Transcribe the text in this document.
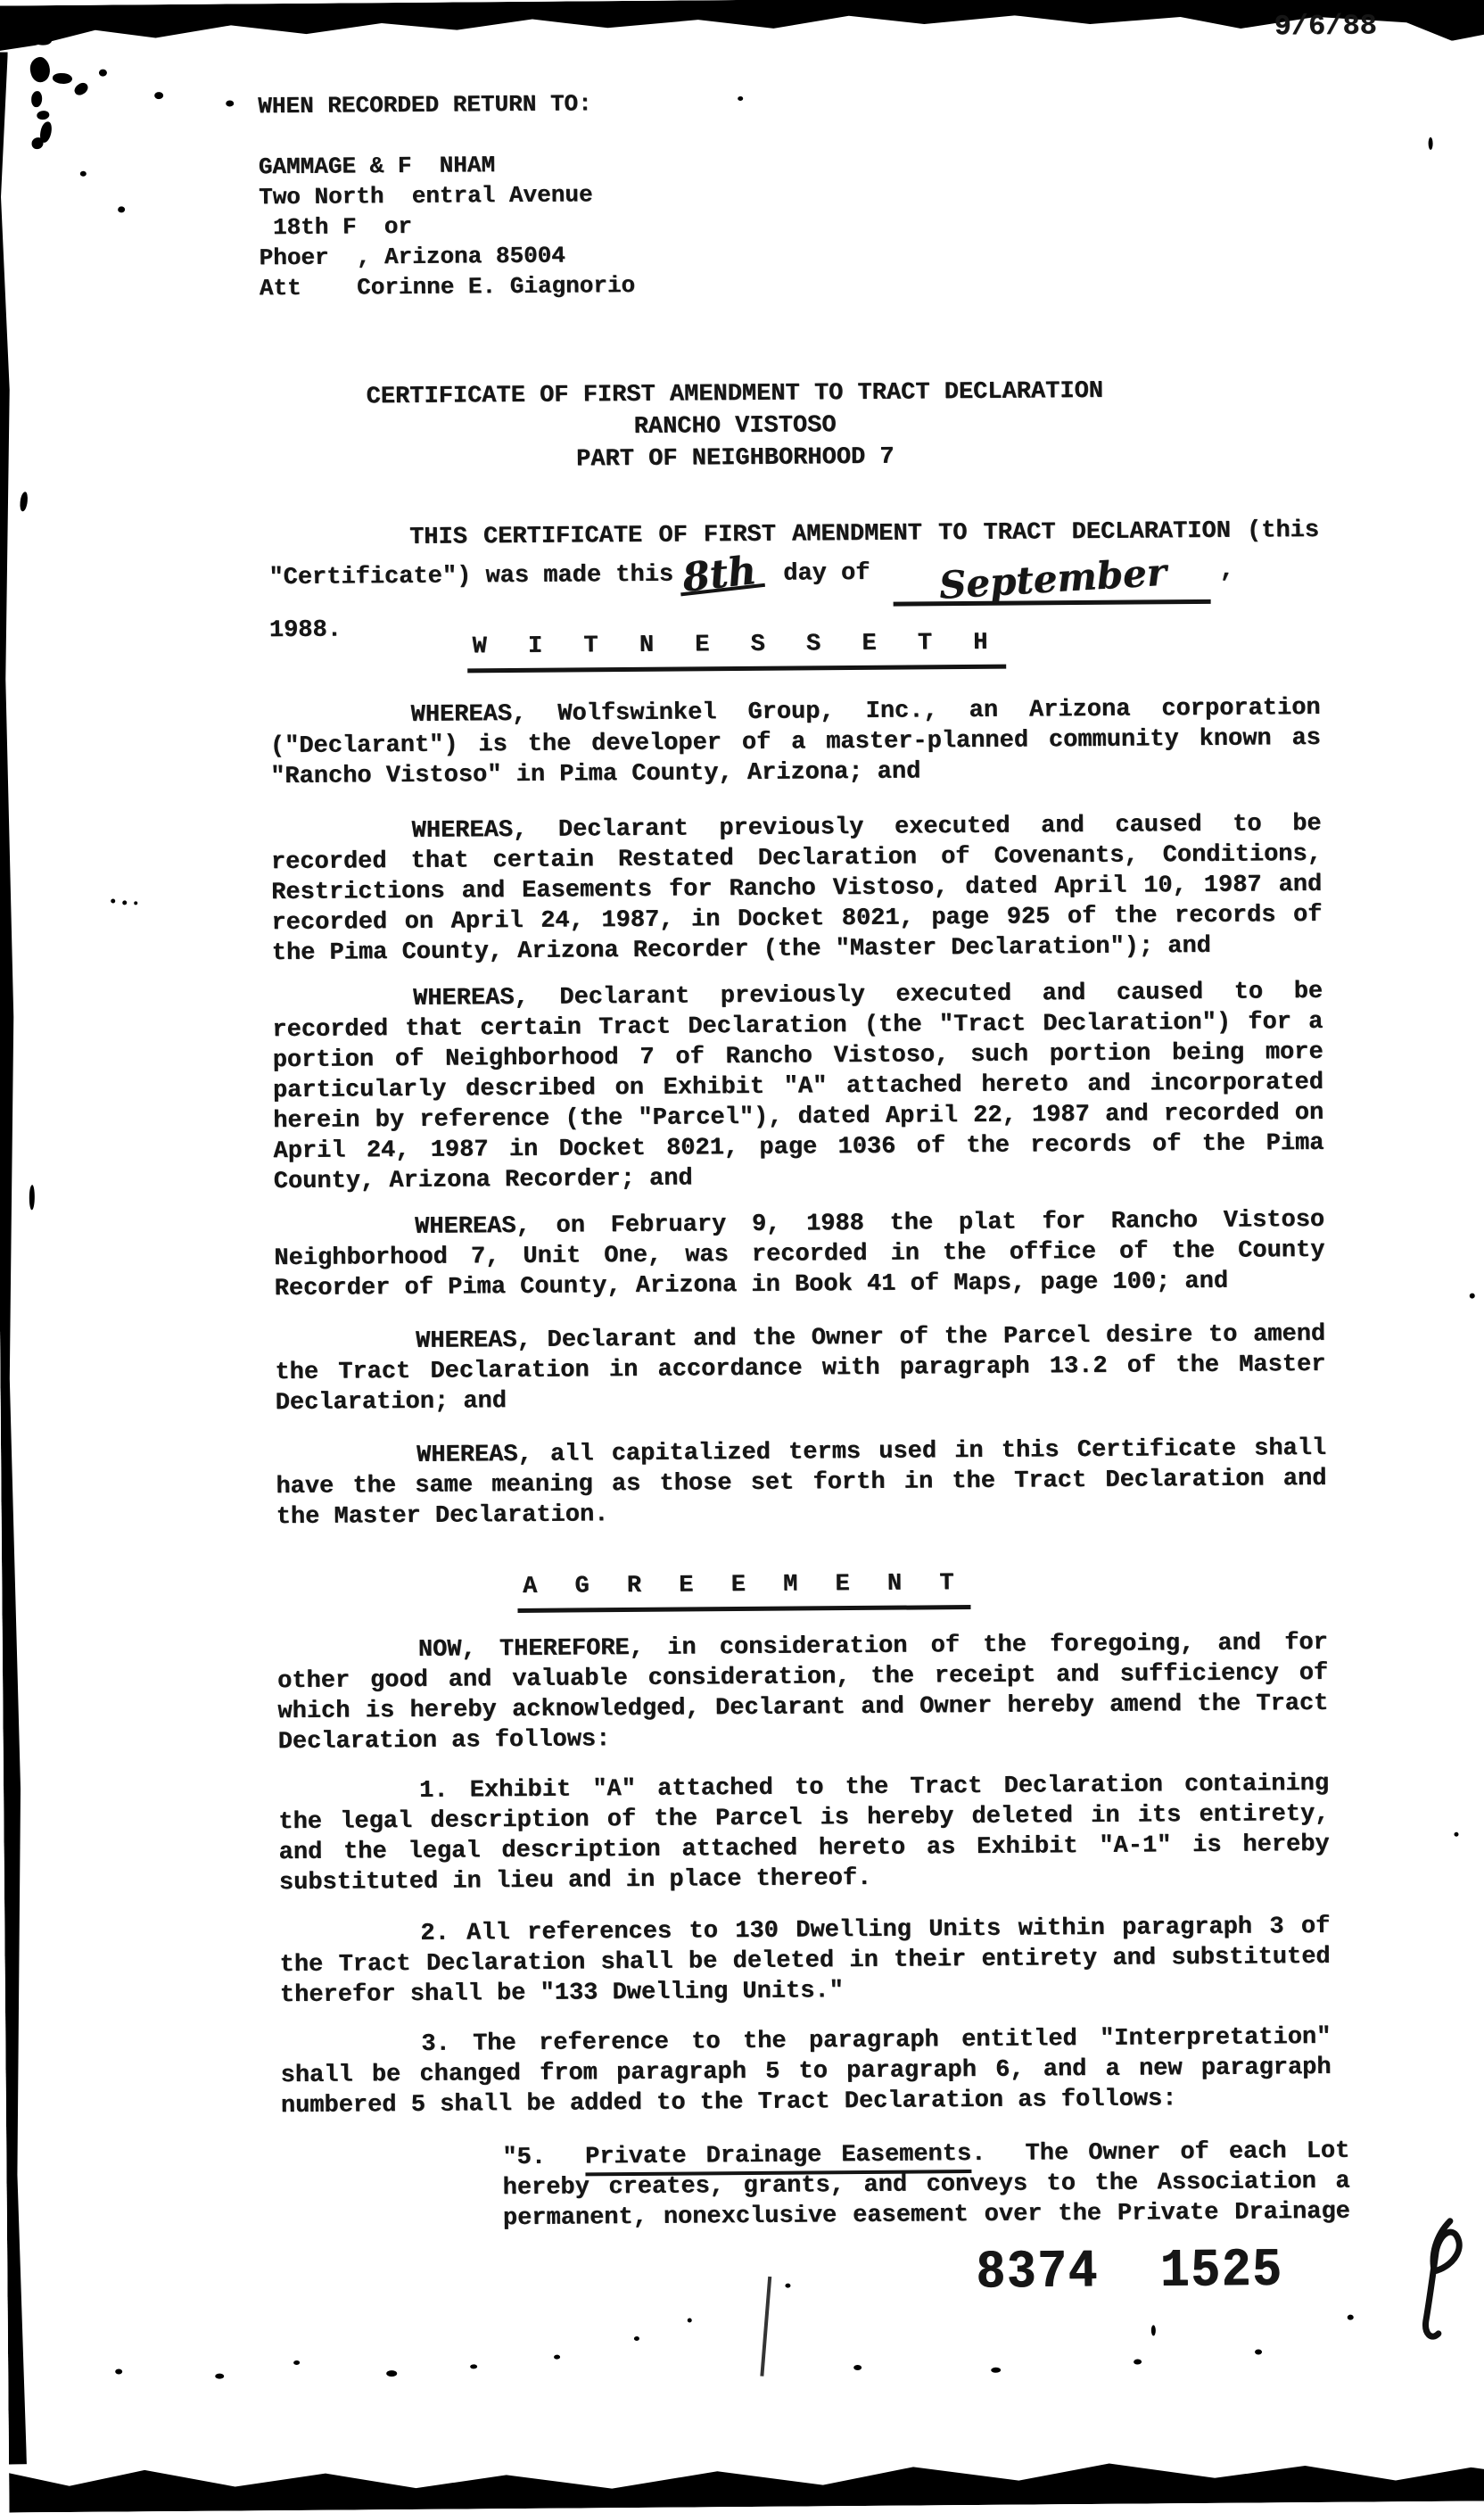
9/6/88
WHEN RECORDED RETURN TO:
GAMMAGE & F  NHAM
Two North  entral Avenue
18th F  or
Phoer  , Arizona 85004
Att    Corinne E. Giagnorio
CERTIFICATE OF FIRST AMENDMENT TO TRACT DECLARATION
RANCHO VISTOSO
PART OF NEIGHBORHOOD 7
THIS CERTIFICATE OF FIRST AMENDMENT TO TRACT DECLARATION (this
"Certificate") was made this 8th day of September ,  1988.	W I T N E S S E T H
WHEREAS, Wolfswinkel Group, Inc., an Arizona corporation
("Declarant") is the developer of a master-planned community known as
"Rancho Vistoso" in Pima County, Arizona; and
WHEREAS, Declarant previously executed and caused to be
recorded that certain Restated Declaration of Covenants, Conditions,
Restrictions and Easements for Rancho Vistoso, dated April 10, 1987 and
recorded on April 24, 1987, in Docket 8021, page 925 of the records of
the Pima County, Arizona Recorder (the "Master Declaration"); and
WHEREAS, Declarant previously executed and caused to be
recorded that certain Tract Declaration (the "Tract Declaration") for a
portion of Neighborhood 7 of Rancho Vistoso, such portion being more
particularly described on Exhibit "A" attached hereto and incorporated
herein by reference (the "Parcel"), dated April 22, 1987 and recorded on
April 24, 1987 in Docket 8021, page 1036 of the records of the Pima
County, Arizona Recorder; and
WHEREAS, on February 9, 1988 the plat for Rancho Vistoso
Neighborhood 7, Unit One, was recorded in the office of the County
Recorder of Pima County, Arizona in Book 41 of Maps, page 100; and
WHEREAS, Declarant and the Owner of the Parcel desire to amend
the Tract Declaration in accordance with paragraph 13.2 of the Master
Declaration; and
WHEREAS, all capitalized terms used in this Certificate shall
have the same meaning as those set forth in the Tract Declaration and
the Master Declaration.
A G R E E M E N T
NOW, THEREFORE, in consideration of the foregoing, and for
other good and valuable consideration, the receipt and sufficiency of
which is hereby acknowledged, Declarant and Owner hereby amend the Tract
Declaration as follows:
1. Exhibit "A" attached to the Tract Declaration containing
the legal description of the Parcel is hereby deleted in its entirety,
and the legal description attached hereto as Exhibit "A-1" is hereby
substituted in lieu and in place thereof.
2. All references to 130 Dwelling Units within paragraph 3 of
the Tract Declaration shall be deleted in their entirety and substituted
therefor shall be "133 Dwelling Units."
3. The reference to the paragraph entitled "Interpretation"
shall be changed from paragraph 5 to paragraph 6, and a new paragraph
numbered 5 shall be added to the Tract Declaration as follows:
"5.  Private Drainage Easements.  The Owner of each Lot
hereby creates, grants, and conveys to the Association a
permanent, nonexclusive easement over the Private Drainage
8374  1525
